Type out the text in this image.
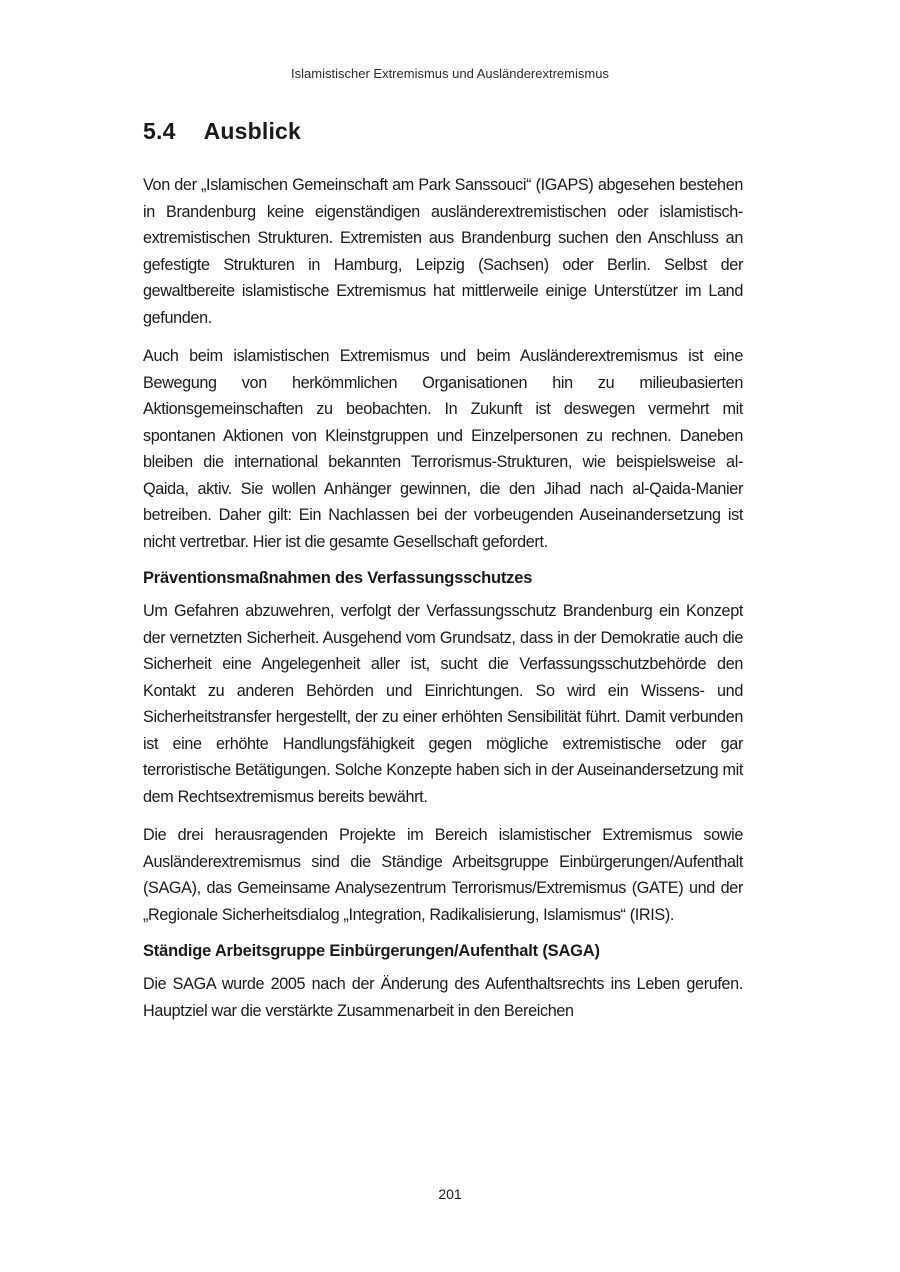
Islamistischer Extremismus und Ausländerextremismus
5.4 Ausblick

Von der „Islamischen Gemeinschaft am Park Sanssouci“ (IGAPS) abgesehen bestehen in Brandenburg keine eigenständigen ausländerextremistischen oder islamistisch-extremistischen Strukturen. Extremisten aus Brandenburg suchen den Anschluss an gefestigte Strukturen in Hamburg, Leipzig (Sachsen) oder Berlin. Selbst der gewaltbereite islamistische Extremismus hat mittlerweile einige Unterstützer im Land gefunden.

Auch beim islamistischen Extremismus und beim Ausländerextremismus ist eine Bewegung von herkömmlichen Organisationen hin zu milieubasierten Aktionsgemeinschaften zu beobachten. In Zukunft ist deswegen vermehrt mit spontanen Aktionen von Kleinstgruppen und Einzelpersonen zu rechnen. Daneben bleiben die international bekannten Terrorismus-Strukturen, wie beispielsweise al-Qaida, aktiv. Sie wollen Anhänger gewinnen, die den Jihad nach al-Qaida-Manier betreiben. Daher gilt: Ein Nachlassen bei der vorbeugenden Auseinandersetzung ist nicht vertretbar. Hier ist die gesamte Gesellschaft gefordert.

Präventionsmaßnahmen des Verfassungsschutzes

Um Gefahren abzuwehren, verfolgt der Verfassungsschutz Brandenburg ein Konzept der vernetzten Sicherheit. Ausgehend vom Grundsatz, dass in der Demokratie auch die Sicherheit eine Angelegenheit aller ist, sucht die Verfassungsschutzbehörde den Kontakt zu anderen Behörden und Einrichtungen. So wird ein Wissens- und Sicherheitstransfer hergestellt, der zu einer erhöhten Sensibilität führt. Damit verbunden ist eine erhöhte Handlungsfähigkeit gegen mögliche extremistische oder gar terroristische Betätigungen. Solche Konzepte haben sich in der Auseinandersetzung mit dem Rechtsextremismus bereits bewährt.

Die drei herausragenden Projekte im Bereich islamistischer Extremismus sowie Ausländerextremismus sind die Ständige Arbeitsgruppe Einbürgerungen/Aufenthalt (SAGA), das Gemeinsame Analysezentrum Terrorismus/Extremismus (GATE) und der „Regionale Sicherheitsdialog „Integration, Radikalisierung, Islamismus“ (IRIS).

Ständige Arbeitsgruppe Einbürgerungen/Aufenthalt (SAGA)

Die SAGA wurde 2005 nach der Änderung des Aufenthaltsrechts ins Leben gerufen. Hauptziel war die verstärkte Zusammenarbeit in den Bereichen

201
